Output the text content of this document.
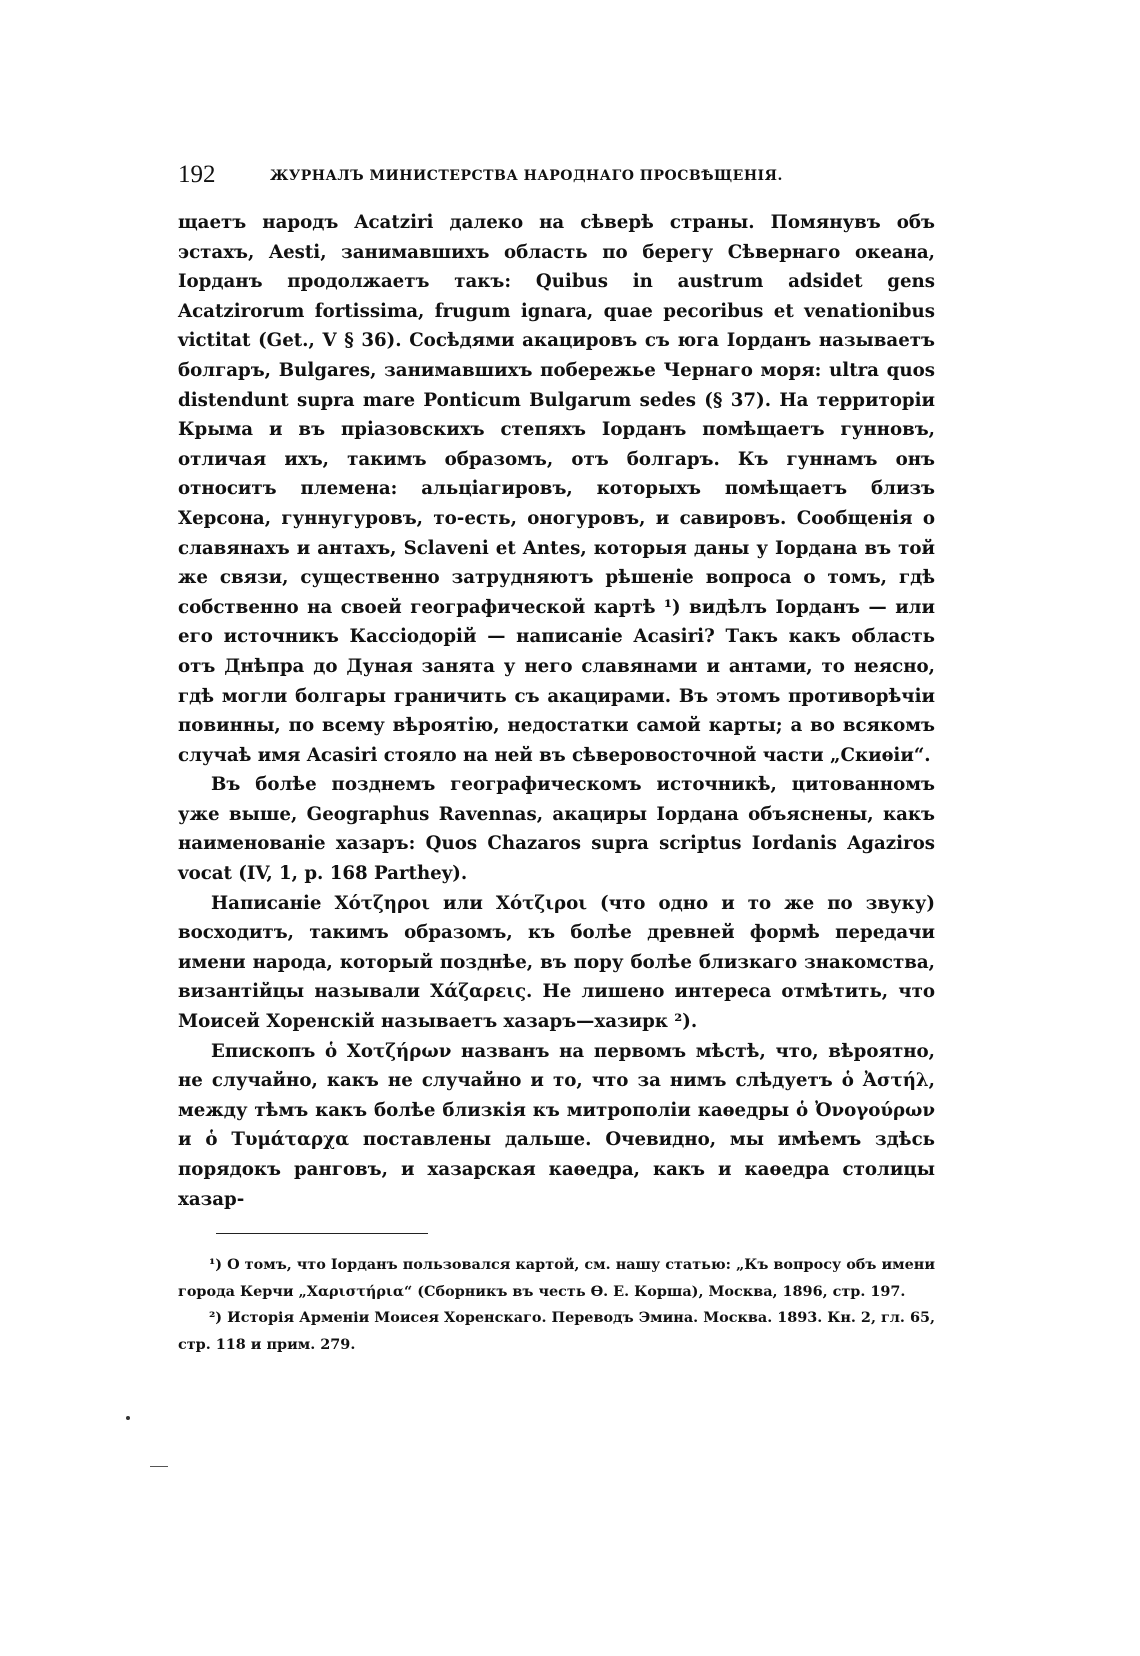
192	ЖУРНАЛЪ МИНИСТЕРСТВА НАРОДНАГО ПРОСВѢЩЕНІЯ.

щаетъ народъ Acatziri далеко на сѣверѣ страны. Помянувъ объ эстахъ, Aesti, занимавшихъ область по берегу Сѣвернаго океана, Іорданъ продолжаетъ такъ: Quibus in austrum adsidet gens Acatzirorum fortissima, frugum ignara, quae pecoribus et venationibus victitat (Get., V § 36). Сосѣдями акацировъ съ юга Іорданъ называетъ болгаръ, Bulgares, занимавшихъ побережье Чернаго моря: ultra quos distendunt supra mare Ponticum Bulgarum sedes (§ 37). На территоріи Крыма и въ пріазовскихъ степяхъ Іорданъ помѣщаетъ гунновъ, отличая ихъ, такимъ образомъ, отъ болгаръ. Къ гуннамъ онъ относитъ племена: альціагировъ, которыхъ помѣщаетъ близъ Херсона, гуннугуровъ, то-есть, оногуровъ, и савировъ. Сообщенія о славянахъ и антахъ, Sclaveni et Antes, которыя даны у Іордана въ той же связи, существенно затрудняютъ рѣшеніе вопроса о томъ, гдѣ собственно на своей географической картѣ ¹) видѣлъ Іорданъ — или его источникъ Кассіодорій — написаніе Acasiri? Такъ какъ область отъ Днѣпра до Дуная занята у него славянами и антами, то неясно, гдѣ могли болгары граничить съ акацирами. Въ этомъ противорѣчіи повинны, по всему вѣроятію, недостатки самой карты; а во всякомъ случаѣ имя Acasiri стояло на ней въ сѣверовосточной части „Скиѳіи“.

Въ болѣе позднемъ географическомъ источникѣ, цитованномъ уже выше, Geographus Ravennas, акациры Іордана объяснены, какъ наименованіе хазаръ: Quos Chazaros supra scriptus Iordanis Agaziros vocat (IV, 1, p. 168 Parthey).

Написаніе Χότζηροι или Χότζιροι (что одно и то же по звуку) восходитъ, такимъ образомъ, къ болѣе древней формѣ передачи имени народа, который позднѣе, въ пору болѣе близкаго знакомства, византійцы называли Χάζαρεις. Не лишено интереса отмѣтить, что Моисей Хоренскій называетъ хазаръ—хазирк ²).

Епископъ ὁ Χοτζήρων названъ на первомъ мѣстѣ, что, вѣроятно, не случайно, какъ не случайно и то, что за нимъ слѣдуетъ ὁ Ἀστήλ, между тѣмъ какъ болѣе близкія къ митрополіи каѳедры ὁ Ὀνογούρων и ὁ Τυμάταρχα поставлены дальше. Очевидно, мы имѣемъ здѣсь порядокъ ранговъ, и хазарская каѳедра, какъ и каѳедра столицы хазар-

¹) О томъ, что Іорданъ пользовался картой, см. нашу статью: „Къ вопросу объ имени города Керчи „Χαριστήρια“ (Сборникъ въ честь Ѳ. Е. Корша), Москва, 1896, стр. 197.

²) Исторія Арменіи Моисея Хоренскаго. Переводъ Эмина. Москва. 1893. Кн. 2, гл. 65, стр. 118 и прим. 279.
